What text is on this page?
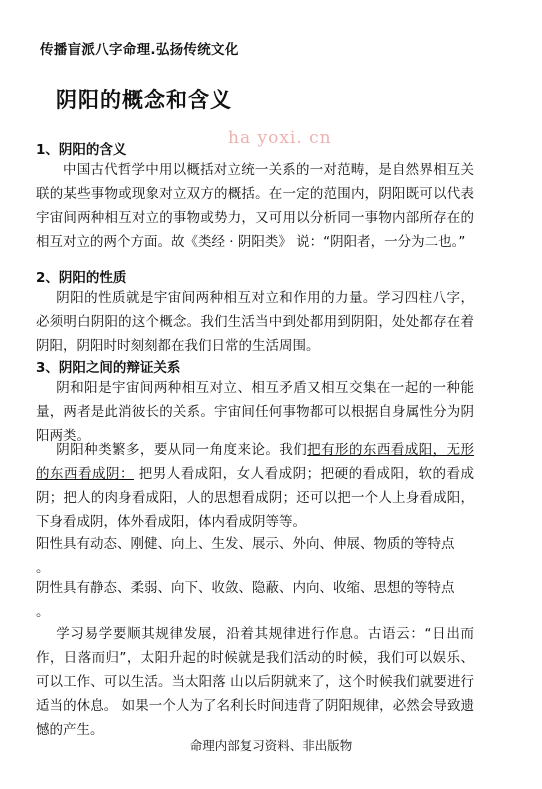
传播盲派八字命理.弘扬传统文化
阴阳的概念和含义
ha yoxi. cn
1、阴阳的含义
中国古代哲学中用以概括对立统一关系的一对范畴，是自然界相互关联的某些事物或现象对立双方的概括。在一定的范围内，阴阳既可以代表宇宙间两种相互对立的事物或势力，又可用以分析同一事物内部所存在的相互对立的两个方面。故《类经 · 阴阳类》 说：“阴阳者，一分为二也。”
2、阴阳的性质
阴阳的性质就是宇宙间两种相互对立和作用的力量。学习四柱八字，必须明白阴阳的这个概念。我们生活当中到处都用到阴阳，处处都存在着阴阳，阴阳时时刻刻都在我们日常的生活周围。
3、阴阳之间的辩证关系
阴和阳是宇宙间两种相互对立、相互矛盾又相互交集在一起的一种能量，两者是此消彼长的关系。宇宙间任何事物都可以根据自身属性分为阴阳两类。
阴阳种类繁多，要从同一角度来论。我们把有形的东西看成阳，无形的东西看成阴： 把男人看成阳，女人看成阴；把硬的看成阳，软的看成阴；把人的肉身看成阳，人的思想看成阴；还可以把一个人上身看成阳，下身看成阴，体外看成阳，体内看成阴等等。
阳性具有动态、刚健、向上、生发、展示、外向、伸展、物质的等特点
。
阴性具有静态、柔弱、向下、收敛、隐蔽、内向、收缩、思想的等特点
。
学习易学要顺其规律发展，沿着其规律进行作息。古语云：“日出而作，日落而归”，太阳升起的时候就是我们活动的时候，我们可以娱乐、可以工作、可以生活。当太阳落 山以后阴就来了，这个时候我们就要进行适当的休息。 如果一个人为了名利长时间违背了阴阳规律，必然会导致遗憾的产生。
命理内部复习资料、非出版物
